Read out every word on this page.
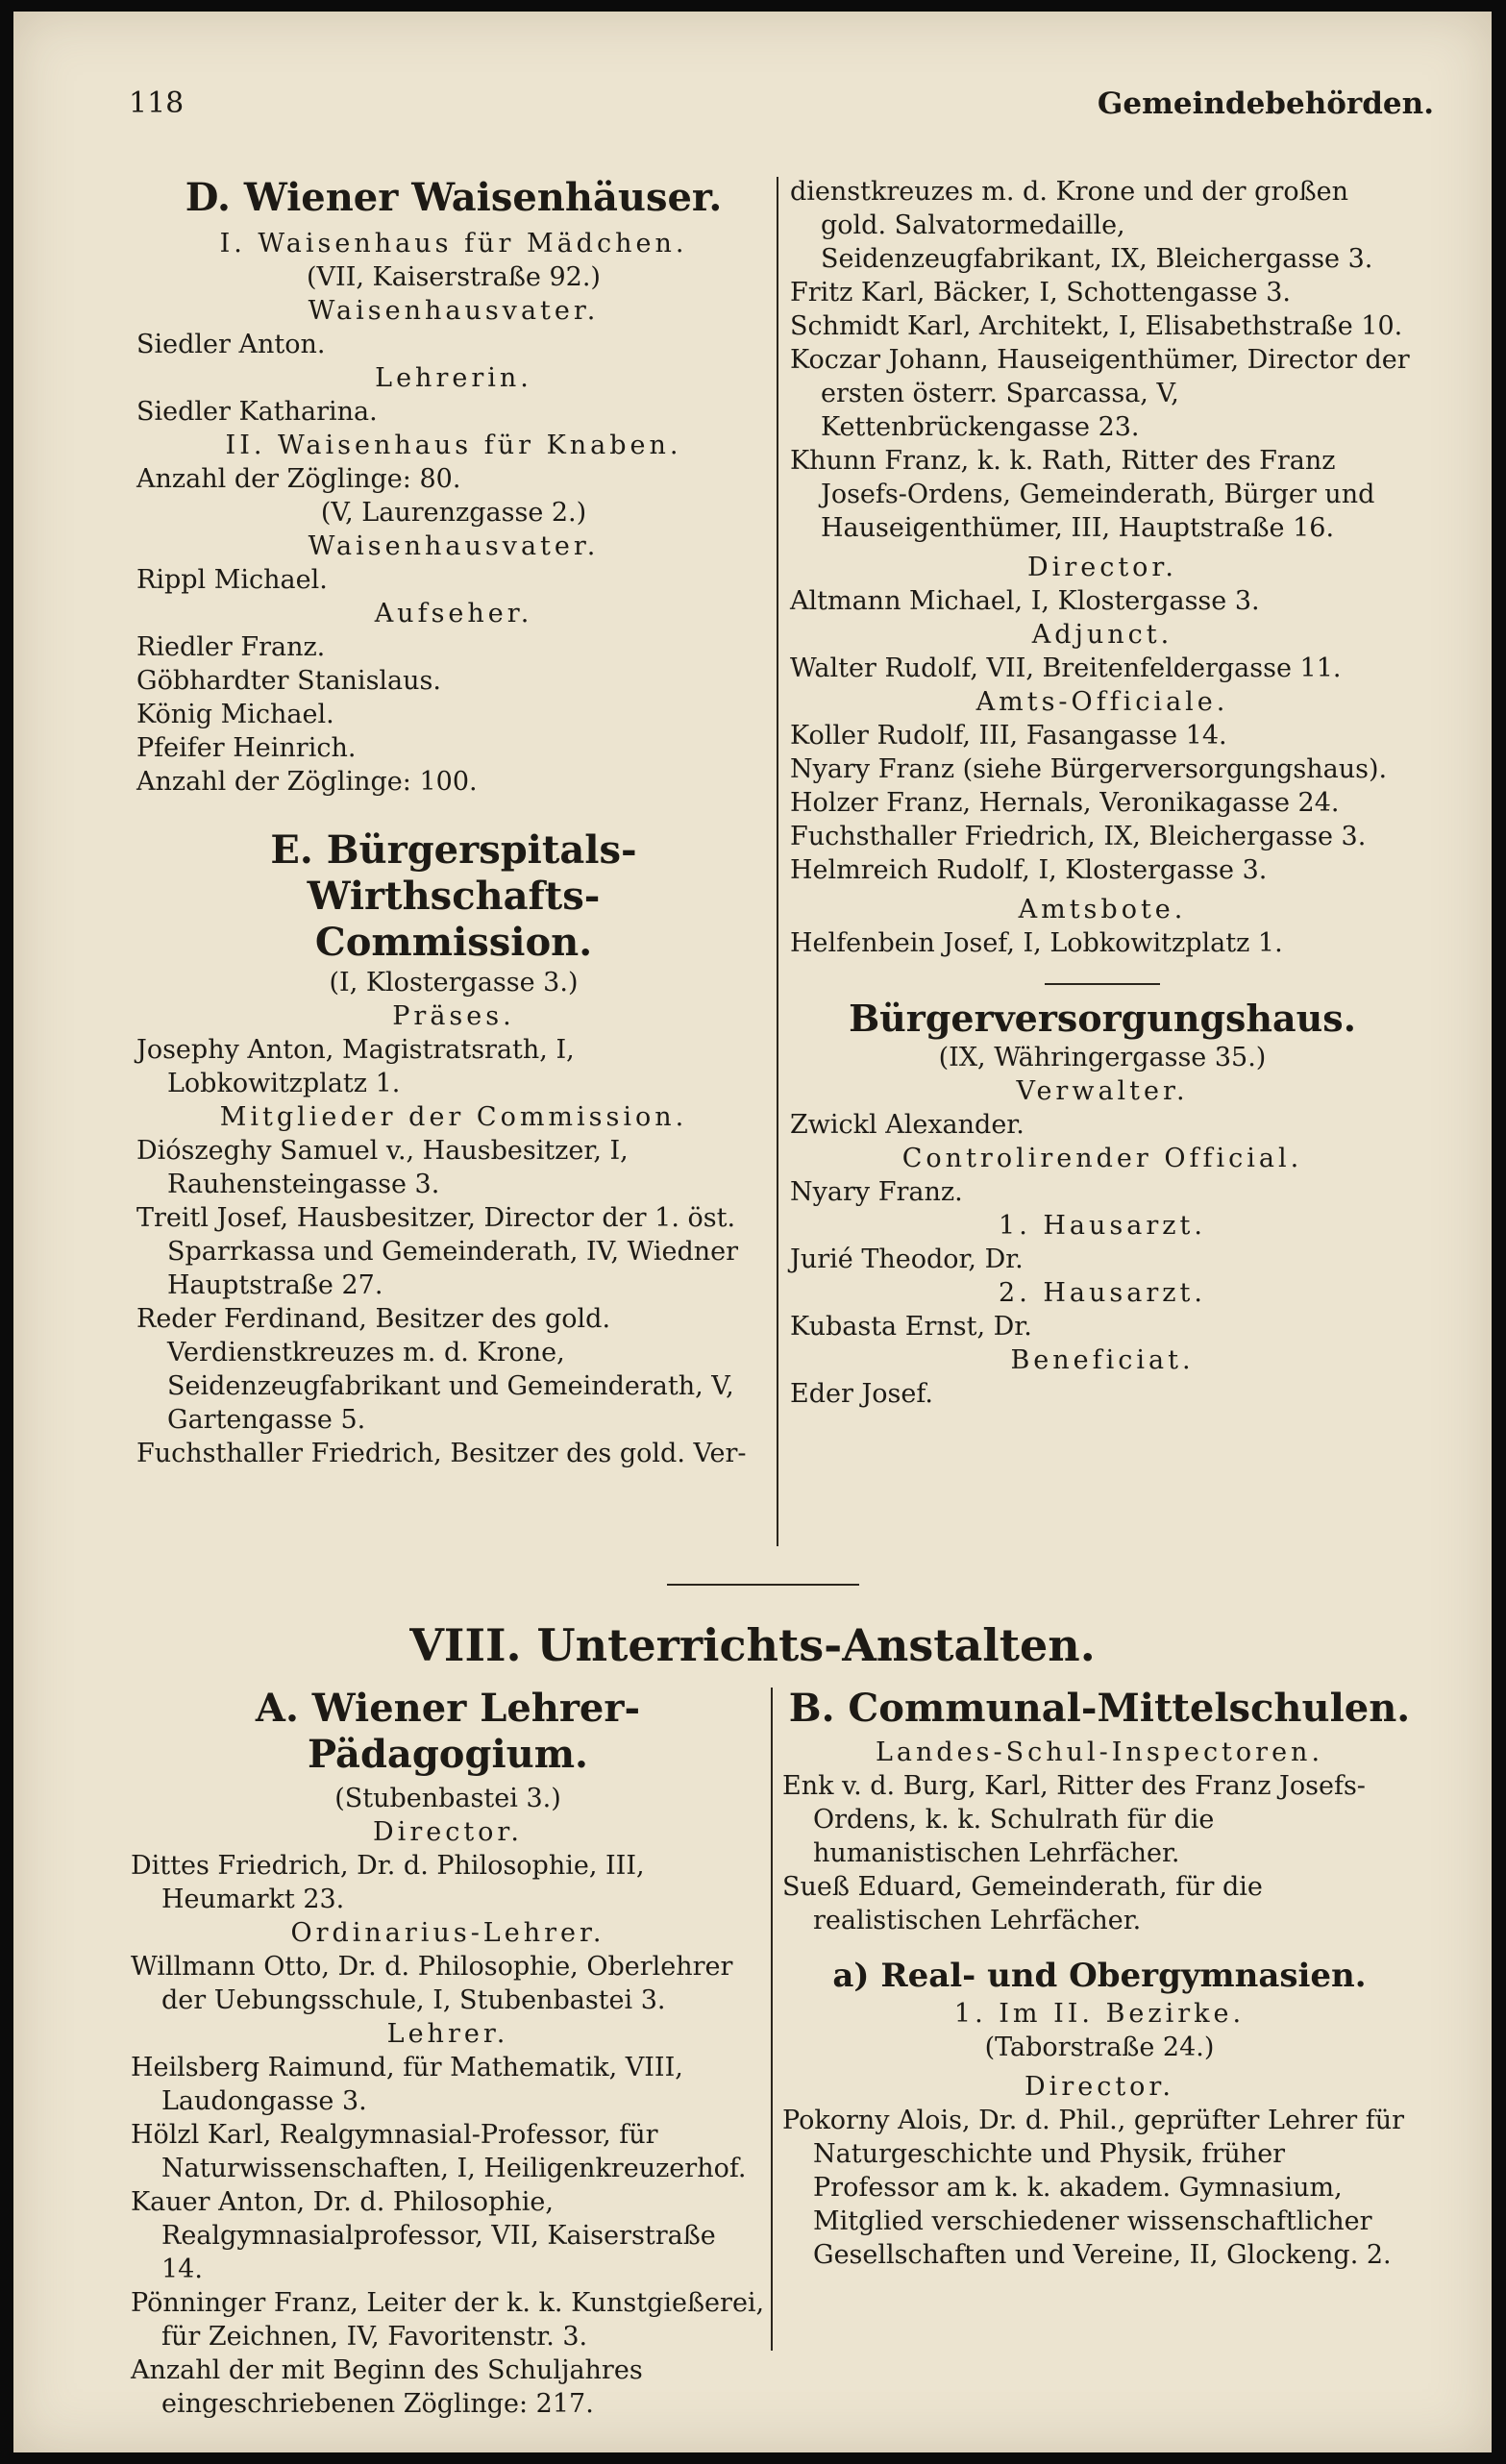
118	Gemeindebehörden.

D. Wiener Waisenhäuser.

I. Waisenhaus für Mädchen.

(VII, Kaiserstraße 92.)

Waisenhausvater.

Siedler Anton.

Lehrerin.

Siedler Katharina.

II. Waisenhaus für Knaben.

Anzahl der Zöglinge: 80.

(V, Laurenzgasse 2.)

Waisenhausvater.

Rippl Michael.

Aufseher.

Riedler Franz.

Göbhardter Stanislaus.

König Michael.

Pfeifer Heinrich.

Anzahl der Zöglinge: 100.

E. Bürgerspitals-Wirthschafts-

Commission.

(I, Klostergasse 3.)

Präses.

Josephy Anton, Magistratsrath, I, Lobkowitzplatz 1.

Mitglieder der Commission.

Diószeghy Samuel v., Hausbesitzer, I, Rauhensteingasse 3.

Treitl Josef, Hausbesitzer, Director der 1. öst. Sparrkassa und Gemeinderath, IV, Wiedner Hauptstraße 27.

Reder Ferdinand, Besitzer des gold. Verdienstkreuzes m. d. Krone, Seidenzeugfabrikant und Gemeinderath, V, Gartengasse 5.

Fuchsthaller Friedrich, Besitzer des gold. Ver-

dienstkreuzes m. d. Krone und der großen gold. Salvatormedaille, Seidenzeugfabrikant, IX, Bleichergasse 3.

Fritz Karl, Bäcker, I, Schottengasse 3.

Schmidt Karl, Architekt, I, Elisabethstraße 10.

Koczar Johann, Hauseigenthümer, Director der ersten österr. Sparcassa, V, Kettenbrückengasse 23.

Khunn Franz, k. k. Rath, Ritter des Franz Josefs-Ordens, Gemeinderath, Bürger und Hauseigenthümer, III, Hauptstraße 16.

Director.

Altmann Michael, I, Klostergasse 3.

Adjunct.

Walter Rudolf, VII, Breitenfeldergasse 11.

Amts-Officiale.

Koller Rudolf, III, Fasangasse 14.

Nyary Franz (siehe Bürgerversorgungshaus).

Holzer Franz, Hernals, Veronikagasse 24.

Fuchsthaller Friedrich, IX, Bleichergasse 3.

Helmreich Rudolf, I, Klostergasse 3.

Amtsbote.

Helfenbein Josef, I, Lobkowitzplatz 1.

Bürgerversorgungshaus.

(IX, Währingergasse 35.)

Verwalter.

Zwickl Alexander.

Controlirender Official.

Nyary Franz.

1. Hausarzt.

Jurié Theodor, Dr.

2. Hausarzt.

Kubasta Ernst, Dr.

Beneficiat.

Eder Josef.

VIII. Unterrichts-Anstalten.

A. Wiener Lehrer-Pädagogium.

(Stubenbastei 3.)

Director.

Dittes Friedrich, Dr. d. Philosophie, III, Heumarkt 23.

Ordinarius-Lehrer.

Willmann Otto, Dr. d. Philosophie, Oberlehrer der Uebungsschule, I, Stubenbastei 3.

Lehrer.

Heilsberg Raimund, für Mathematik, VIII, Laudongasse 3.

Hölzl Karl, Realgymnasial-Professor, für Naturwissenschaften, I, Heiligenkreuzerhof.

Kauer Anton, Dr. d. Philosophie, Realgymnasialprofessor, VII, Kaiserstraße 14.

Pönninger Franz, Leiter der k. k. Kunstgießerei, für Zeichnen, IV, Favoritenstr. 3.

Anzahl der mit Beginn des Schuljahres eingeschriebenen Zöglinge: 217.

B. Communal-Mittelschulen.

Landes-Schul-Inspectoren.

Enk v. d. Burg, Karl, Ritter des Franz Josefs-Ordens, k. k. Schulrath für die humanistischen Lehrfächer.

Sueß Eduard, Gemeinderath, für die realistischen Lehrfächer.

a) Real- und Obergymnasien.

1. Im II. Bezirke.

(Taborstraße 24.)

Director.

Pokorny Alois, Dr. d. Phil., geprüfter Lehrer für Naturgeschichte und Physik, früher Professor am k. k. akadem. Gymnasium, Mitglied verschiedener wissenschaftlicher Gesellschaften und Vereine, II, Glockeng. 2.
